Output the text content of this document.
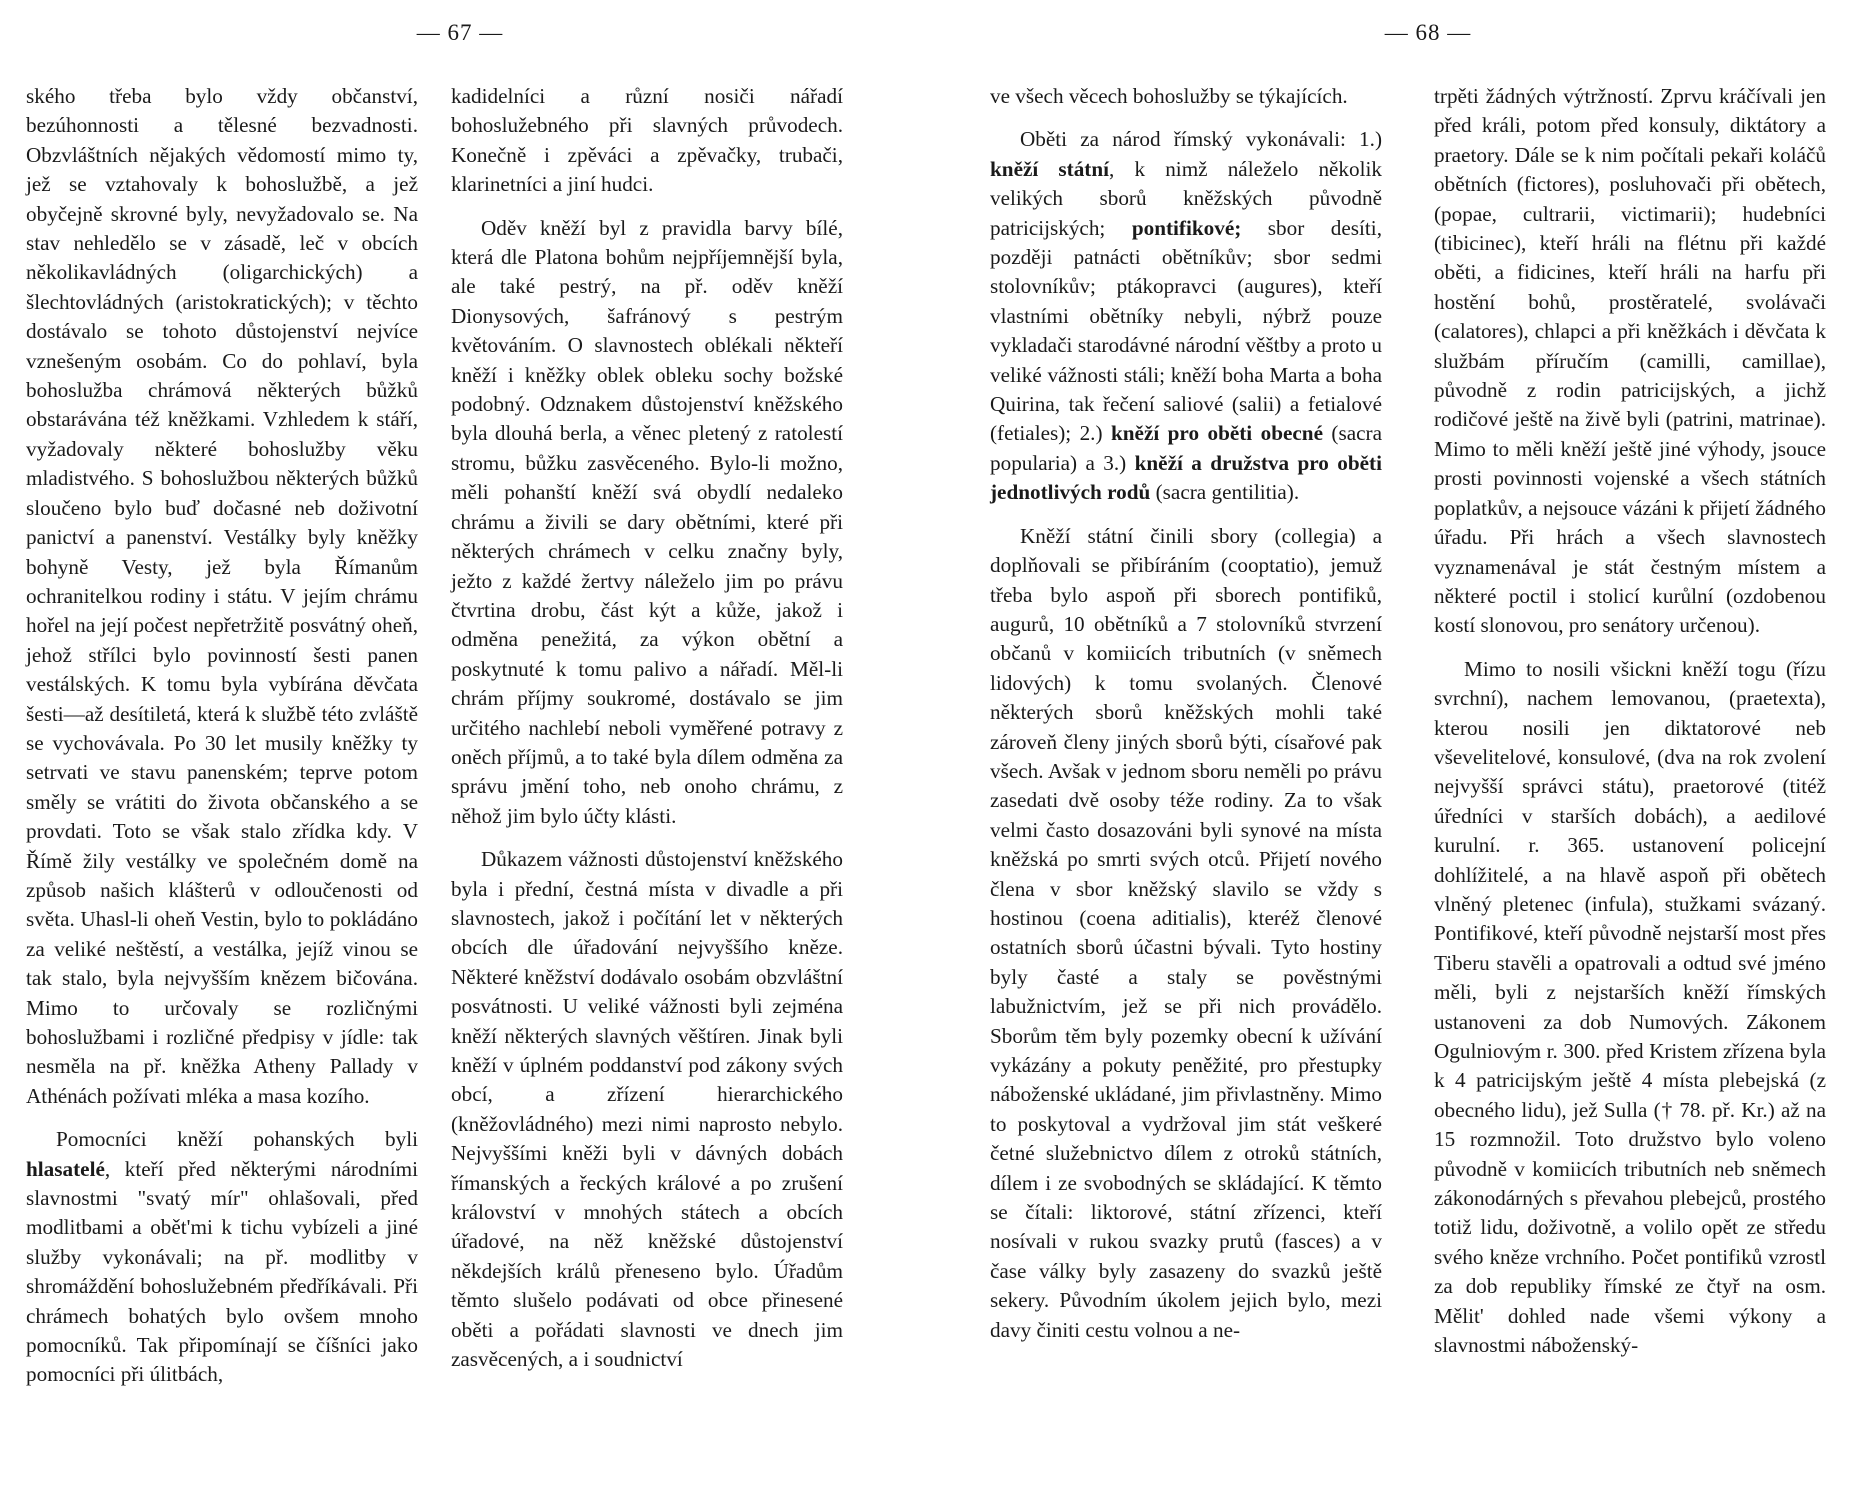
— 67 —	— 68 —

ského třeba bylo vždy občanství, bezúhonnosti a tělesné bezvadnosti. Obzvláštních nějakých vědomostí mimo ty, jež se vztahovaly k bohoslužbě, a jež obyčejně skrovné byly, nevyžadovalo se. Na stav nehledělo se v zásadě, leč v obcích několikavládných (oligarchických) a šlechtovládných (aristokratických); v těchto dostávalo se tohoto důstojenství nejvíce vznešeným osobám. Co do pohlaví, byla bohoslužba chrámová některých bůžků obstarávána též kněžkami. Vzhledem k stáří, vyžadovaly některé bohoslužby věku mladistvého. S bohoslužbou některých bůžků sloučeno bylo buď dočasné neb doživotní panictví a panenství. Vestálky byly kněžky bohyně Vesty, jež byla Římanům ochranitelkou rodiny i státu. V jejím chrámu hořel na její počest nepřetržitě posvátný oheň, jehož střílci bylo povinností šesti panen vestálských. K tomu byla vybírána děvčata šesti—až desítiletá, která k službě této zvláště se vychovávala. Po 30 let musily kněžky ty setrvati ve stavu panenském; teprve potom směly se vrátiti do života občanského a se provdati. Toto se však stalo zřídka kdy. V Římě žily vestálky ve společném domě na způsob našich klášterů v odloučenosti od světa. Uhasl-li oheň Vestin, bylo to pokládáno za veliké neštěstí, a vestálka, jejíž vinou se tak stalo, byla nejvyšším knězem bičována. Mimo to určovaly se rozličnými bohoslužbami i rozličné předpisy v jídle: tak nesměla na př. kněžka Atheny Pallady v Athénách požívati mléka a masa kozího.

Pomocníci kněží pohanských byli hlasatelé, kteří před některými národními slavnostmi "svatý mír" ohlašovali, před modlitbami a obět'mi k tichu vybízeli a jiné služby vykonávali; na př. modlitby v shromáždění bohoslužebném předříkávali. Při chrámech bohatých bylo ovšem mnoho pomocníků. Tak připomínají se číšníci jako pomocníci při úlitbách,

kadidelníci a různí nosiči nářadí bohoslužebného při slavných průvodech. Konečně i zpěváci a zpěvačky, trubači, klarinetníci a jiní hudci.

Oděv kněží byl z pravidla barvy bílé, která dle Platona bohům nejpříjemnější byla, ale také pestrý, na př. oděv kněží Dionysových, šafránový s pestrým květováním. O slavnostech oblékali někteří kněží i kněžky oblek obleku sochy božské podobný. Odznakem důstojenství kněžského byla dlouhá berla, a věnec pletený z ratolestí stromu, bůžku zasvěceného. Bylo-li možno, měli pohanští kněží svá obydlí nedaleko chrámu a živili se dary obětními, které při některých chrámech v celku značny byly, ježto z každé žertvy náleželo jim po právu čtvrtina drobu, část kýt a kůže, jakož i odměna penežitá, za výkon obětní a poskytnuté k tomu palivo a nářadí. Měl-li chrám příjmy soukromé, dostávalo se jim určitého nachlebí neboli vyměřené potravy z oněch příjmů, a to také byla dílem odměna za správu jmění toho, neb onoho chrámu, z něhož jim bylo účty klásti.

Důkazem vážnosti důstojenství kněžského byla i přední, čestná místa v divadle a při slavnostech, jakož i počítání let v některých obcích dle úřadování nejvyššího kněze. Některé kněžství dodávalo osobám obzvláštní posvátnosti. U veliké vážnosti byli zejména kněží některých slavných věštíren. Jinak byli kněží v úplném poddanství pod zákony svých obcí, a zřízení hierarchického (kněžovládného) mezi nimi naprosto nebylo. Nejvyššími kněži byli v dávných dobách římanských a řeckých králové a po zrušení království v mnohých státech a obcích úřadové, na něž kněžské důstojenství někdejších králů přeneseno bylo. Úřadům těmto slušelo podávati od obce přinesené oběti a pořádati slavnosti ve dnech jim zasvěcených, a i soudnictví

ve všech věcech bohoslužby se týkajících.

Oběti za národ římský vykonávali: 1.) kněží státní, k nimž náleželo několik velikých sborů kněžských původně patricijských; pontifikové; sbor desíti, později patnácti obětníkův; sbor sedmi stolovníkův; ptákopravci (augures), kteří vlastními obětníky nebyli, nýbrž pouze vykladači starodávné národní věštby a proto u veliké vážnosti stáli; kněží boha Marta a boha Quirina, tak řečení saliové (salii) a fetialové (fetiales); 2.) kněží pro oběti obecné (sacra popularia) a 3.) kněží a družstva pro oběti jednotlivých rodů (sacra gentilitia).

Kněží státní činili sbory (collegia) a doplňovali se přibíráním (cooptatio), jemuž třeba bylo aspoň při sborech pontifiků, augurů, 10 obětníků a 7 stolovníků stvrzení občanů v komiicích tributních (v sněmech lidových) k tomu svolaných. Členové některých sborů kněžských mohli také zároveň členy jiných sborů býti, císařové pak všech. Avšak v jednom sboru neměli po právu zasedati dvě osoby téže rodiny. Za to však velmi často dosazováni byli synové na místa kněžská po smrti svých otců. Přijetí nového člena v sbor kněžský slavilo se vždy s hostinou (coena aditialis), kteréž členové ostatních sborů účastni bývali. Tyto hostiny byly časté a staly se pověstnými labužnictvím, jež se při nich provádělo. Sborům těm byly pozemky obecní k užívání vykázány a pokuty peněžité, pro přestupky náboženské ukládané, jim přivlastněny. Mimo to poskytoval a vydržoval jim stát veškeré četné služebnictvo dílem z otroků státních, dílem i ze svobodných se skládající. K těmto se čítali: liktorové, státní zřízenci, kteří nosívali v rukou svazky prutů (fasces) a v čase války byly zasazeny do svazků ještě sekery. Původním úkolem jejich bylo, mezi davy činiti cestu volnou a ne-

trpěti žádných výtržností. Zprvu kráčívali jen před králi, potom před konsuly, diktátory a praetory. Dále se k nim počítali pekaři koláčů obětních (fictores), posluhovači při obětech, (popae, cultrarii, victimarii); hudebníci (tibicinec), kteří hráli na flétnu při každé oběti, a fidicines, kteří hráli na harfu při hostění bohů, prostěratelé, svolávači (calatores), chlapci a při kněžkách i děvčata k službám příručím (camilli, camillae), původně z rodin patricijských, a jichž rodičové ještě na živě byli (patrini, matrinae). Mimo to měli kněží ještě jiné výhody, jsouce prosti povinnosti vojenské a všech státních poplatkův, a nejsouce vázáni k přijetí žádného úřadu. Při hrách a všech slavnostech vyznamenával je stát čestným místem a některé poctil i stolicí kurůlní (ozdobenou kostí slonovou, pro senátory určenou).

Mimo to nosili všickni kněží togu (řízu svrchní), nachem lemovanou, (praetexta), kterou nosili jen diktatorové neb vševelitelové, konsulové, (dva na rok zvolení nejvyšší správci státu), praetorové (titéž úředníci v starších dobách), a aedilové kurulní. r. 365. ustanovení policejní dohlížitelé, a na hlavě aspoň při obětech vlněný pletenec (infula), stužkami svázaný. Pontifikové, kteří původně nejstarší most přes Tiberu stavěli a opatrovali a odtud své jméno měli, byli z nejstarších kněží římských ustanoveni za dob Numových. Zákonem Ogulniovým r. 300. před Kristem zřízena byla k 4 patricijským ještě 4 místa plebejská (z obecného lidu), jež Sulla († 78. př. Kr.) až na 15 rozmnožil. Toto družstvo bylo voleno původně v komiicích tributních neb sněmech zákonodárných s převahou plebejců, prostého totiž lidu, doživotně, a volilo opět ze středu svého kněze vrchního. Počet pontifiků vzrostl za dob republiky římské ze čtyř na osm. Mělit' dohled nade všemi výkony a slavnostmi náboženský-
